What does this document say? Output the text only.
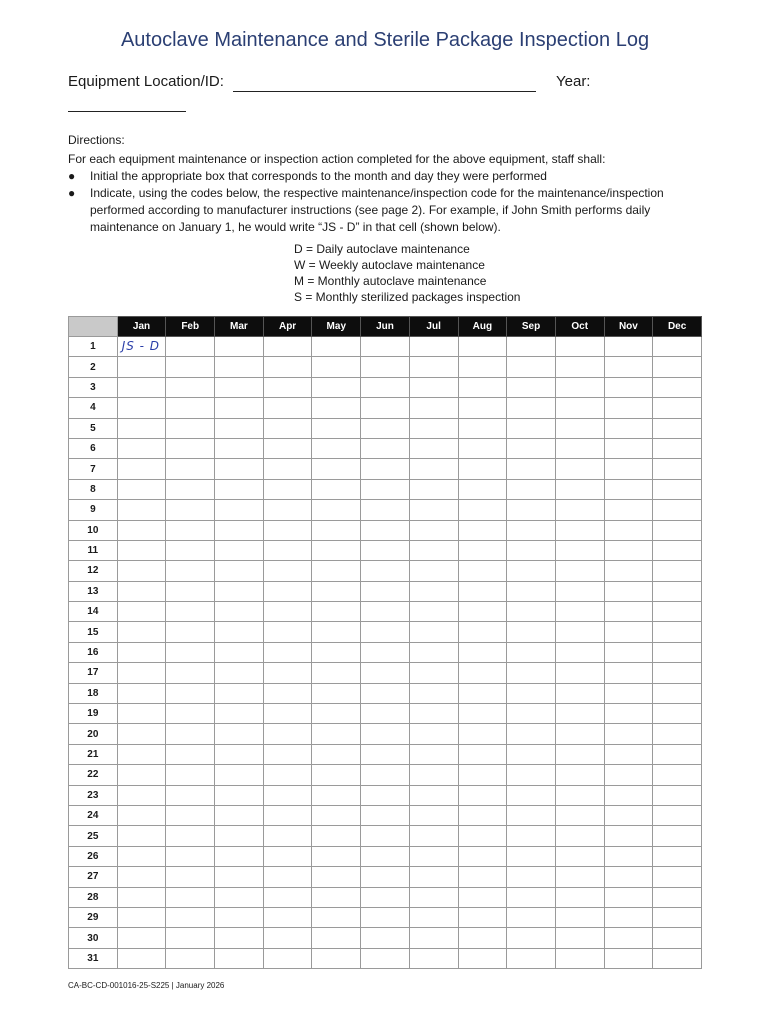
Autoclave Maintenance and Sterile Package Inspection Log
Equipment Location/ID:	Year:

Directions:

For each equipment maintenance or inspection action completed for the above equipment, staff shall:

● Initial the appropriate box that corresponds to the month and day they were performed
● Indicate, using the codes below, the respective maintenance/inspection code for the maintenance/inspection performed according to manufacturer instructions (see page 2). For example, if John Smith performs daily maintenance on January 1, he would write “JS - D” in that cell (shown below).
D = Daily autoclave maintenance
W = Weekly autoclave maintenance
M = Monthly autoclave maintenance
S = Monthly sterilized packages inspection
	Jan	Feb	Mar	Apr	May	Jun	Jul	Aug	Sep	Oct	Nov	Dec
1	JS - D											

2												
3												
4												
5												
6												
7												
8												
9												
10												
11												
12												
13												
14												
15												
16												
17												
18												
19												
20												
21												
22												
23												
24												
25												
26												
27												
28												
29												
30												
31												
CA-BC-CD-001016-25-S225 | January 2026
